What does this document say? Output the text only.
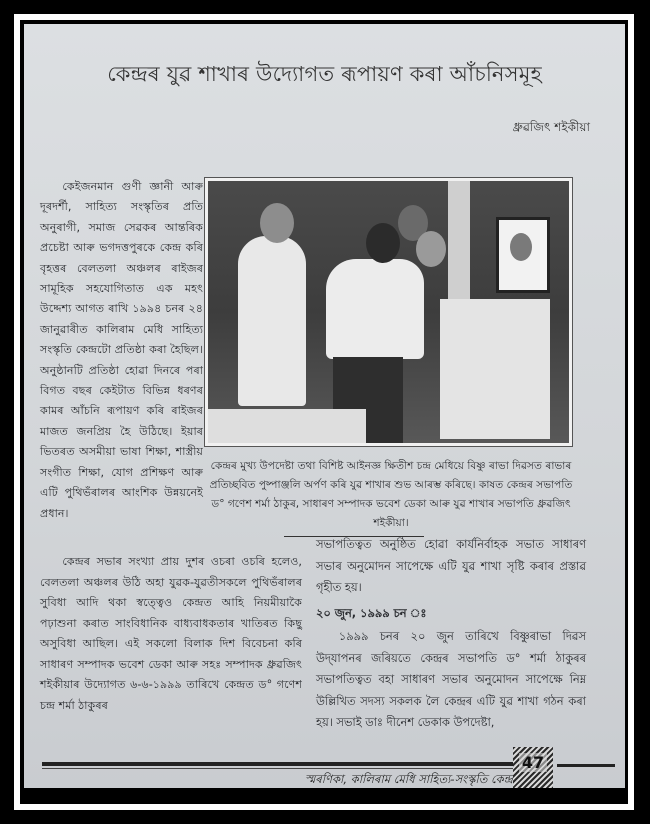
কেন্দ্ৰৰ যুৱ শাখাৰ উদ্যোগত ৰূপায়ণ কৰা আঁচনিসমূহ
ধ্ৰুৱজিৎ শইকীয়া

কেইজনমান গুণী জ্ঞানী আৰু দূৰদৰ্শী, সাহিত্য সংস্কৃতিৰ প্ৰতি অনুৰাগী, সমাজ সেৱকৰ আন্তৰিক প্ৰচেষ্টা আৰু ভগদত্তপুৰকে কেন্দ্ৰ কৰি বৃহত্তৰ বেলতলা অঞ্চলৰ ৰাইজৰ সামূহিক সহযোগিতাত এক মহৎ উদ্দেশ্য আগত ৰাখি ১৯৯৪ চনৰ ২৪ জানুৱাৰীত কালিৰাম মেধি সাহিত্য সংস্কৃতি কেন্দ্ৰটো প্ৰতিষ্ঠা কৰা হৈছিল। অনুষ্ঠানটি প্ৰতিষ্ঠা হোৱা দিনৰে পৰা বিগত বছৰ কেইটাত বিভিন্ন ধৰণৰ কামৰ আঁচনি ৰূপায়ণ কৰি ৰাইজৰ মাজত জনপ্ৰিয় হৈ উঠিছে। ইয়াৰ ভিতৰত অসমীয়া ভাষা শিক্ষা, শাস্ত্ৰীয় সংগীত শিক্ষা, যোগ প্ৰশিক্ষণ আৰু এটি পুথিভঁৰালৰ আংশিক উন্নয়নেই প্ৰধান।

কেন্দ্ৰৰ মুখ্য উপদেষ্টা তথা বিশিষ্ট আইনজ্ঞ ক্ষিতীশ চন্দ্ৰ মেধিয়ে বিষ্ণু ৰাভা দিৱসত ৰাভাৰ প্ৰতিচ্ছবিত পুষ্পাঞ্জলি অৰ্পণ কৰি যুৱ শাখাৰ শুভ আৰম্ভ কৰিছে। কাষত কেন্দ্ৰৰ সভাপতি ড° গণেশ শৰ্মা ঠাকুৰ, সাধাৰণ সম্পাদক ভবেশ ডেকা আৰু যুৱ শাখাৰ সভাপতি ধ্ৰুৱজিৎ শইকীয়া।

কেন্দ্ৰৰ সভাৰ সংখ্যা প্ৰায় দুশৰ ওচৰা ওচৰি হলেও, বেলতলা অঞ্চলৰ উঠি অহা যুৱক-যুৱতীসকলে পুথিভঁৰালৰ সুবিধা আদি থকা স্বত্ত্বেও কেন্দ্ৰত আহি নিয়মীয়াকৈ পঢ়াশুনা কৰাত সাংবিধানিক বাধ্যবাধকতাৰ খাতিৰত কিছু অসুবিধা আছিল। এই সকলো বিলাক দিশ বিবেচনা কৰি সাধাৰণ সম্পাদক ভবেশ ডেকা আৰু সহঃ সম্পাদক ধ্ৰুৱজিৎ শইকীয়াৰ উদ্যোগত ৬-৬-১৯৯৯ তাৰিখে কেন্দ্ৰত ড° গণেশ চন্দ্ৰ শৰ্মা ঠাকুৰৰ

সভাপতিত্বত অনুষ্ঠিত হোৱা কাৰ্যনিৰ্বাহক সভাত সাধাৰণ সভাৰ অনুমোদন সাপেক্ষে এটি যুৱ শাখা সৃষ্টি কৰাৰ প্ৰস্তাৱ গৃহীত হয়।

২০ জুন, ১৯৯৯ চন ঃ

১৯৯৯ চনৰ ২০ জুন তাৰিখে বিষ্ণুৰাভা দিৱস উদ্‌যাপনৰ জৰিয়তে কেন্দ্ৰৰ সভাপতি ড° শৰ্মা ঠাকুৰৰ সভাপতিত্বত বহা সাধাৰণ সভাৰ অনুমোদন সাপেক্ষে নিম্ন উল্লিখিত সদস্য সকলক লৈ কেন্দ্ৰৰ এটি যুৱ শাখা গঠন কৰা হয়। সভাই ডাঃ দীনেশ ডেকাক উপদেষ্টা,

স্মৰণিকা, কালিৰাম মেধি সাহিত্য-সংস্কৃতি কেন্দ্ৰ
47
